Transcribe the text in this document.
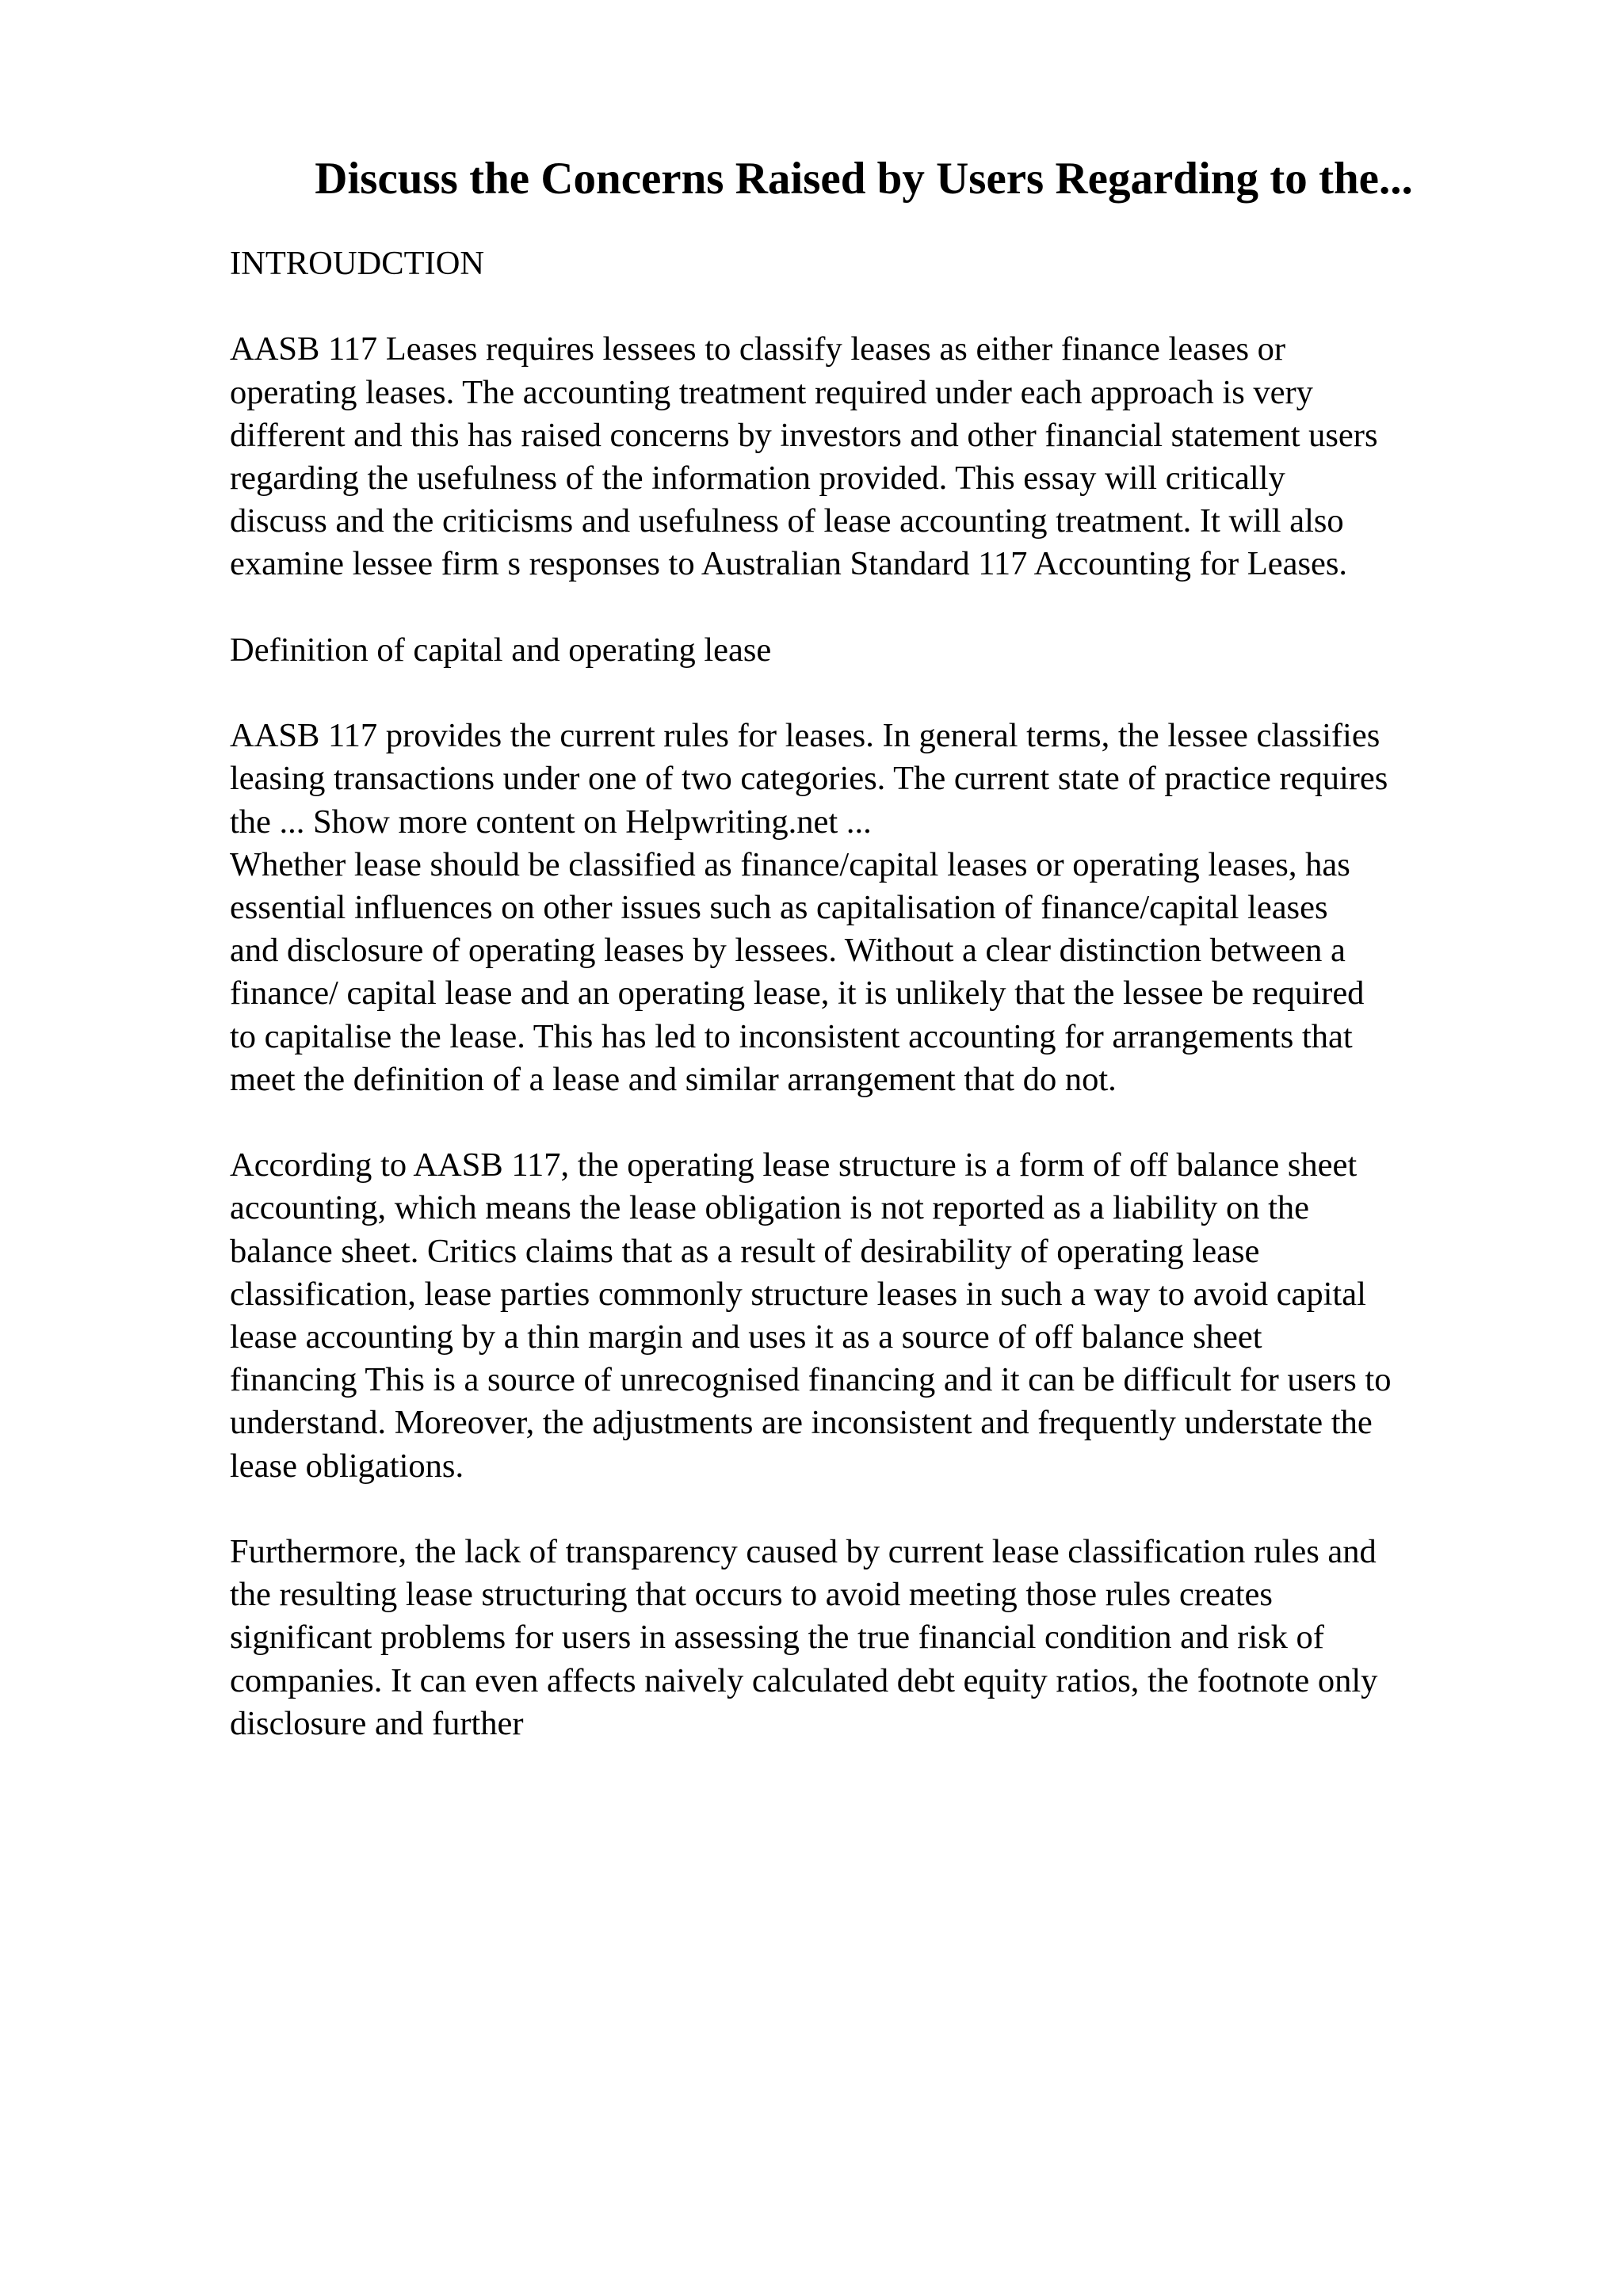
Discuss the Concerns Raised by Users Regarding to the...

INTROUDCTION

AASB 117 Leases requires lessees to classify leases as either finance leases or
operating leases. The accounting treatment required under each approach is very
different and this has raised concerns by investors and other financial statement users
regarding the usefulness of the information provided. This essay will critically
discuss and the criticisms and usefulness of lease accounting treatment. It will also
examine lessee firm s responses to Australian Standard 117 Accounting for Leases.

Definition of capital and operating lease

AASB 117 provides the current rules for leases. In general terms, the lessee classifies
leasing transactions under one of two categories. The current state of practice requires
the ... Show more content on Helpwriting.net ...

Whether lease should be classified as finance/capital leases or operating leases, has
essential influences on other issues such as capitalisation of finance/capital leases
and disclosure of operating leases by lessees. Without a clear distinction between a
finance/ capital lease and an operating lease, it is unlikely that the lessee be required
to capitalise the lease. This has led to inconsistent accounting for arrangements that
meet the definition of a lease and similar arrangement that do not.

According to AASB 117, the operating lease structure is a form of off balance sheet
accounting, which means the lease obligation is not reported as a liability on the
balance sheet. Critics claims that as a result of desirability of operating lease
classification, lease parties commonly structure leases in such a way to avoid capital
lease accounting by a thin margin and uses it as a source of off balance sheet
financing This is a source of unrecognised financing and it can be difficult for users to
understand. Moreover, the adjustments are inconsistent and frequently understate the
lease obligations.

Furthermore, the lack of transparency caused by current lease classification rules and
the resulting lease structuring that occurs to avoid meeting those rules creates
significant problems for users in assessing the true financial condition and risk of
companies. It can even affects naively calculated debt equity ratios, the footnote only
disclosure and further
